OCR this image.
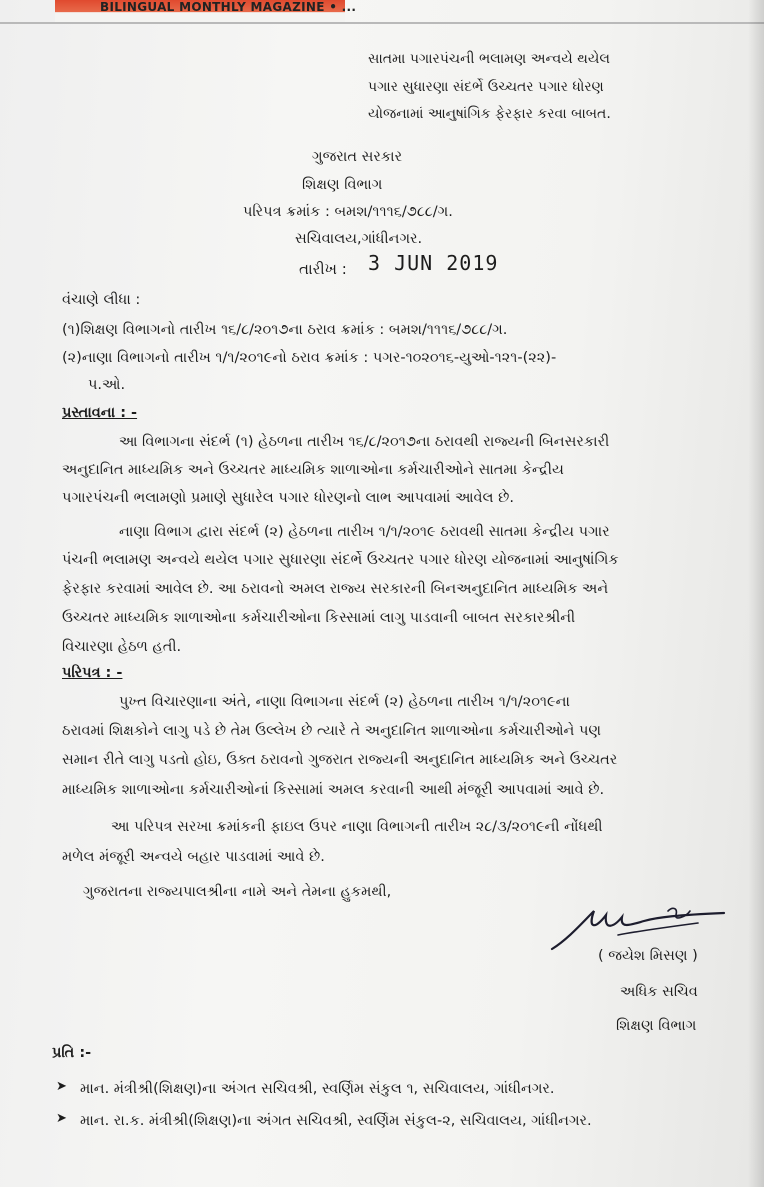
BILINGUAL MONTHLY MAGAZINE • ...
સાતમા પગારપંચની ભલામણ અન્વયે થયેલ
પગાર સુધારણા સંદર્ભે ઉચ્ચતર પગાર ધોરણ
યોજનામાં આનુષાંગિક ફેરફાર કરવા બાબત.
ગુજરાત સરકાર
શિક્ષણ વિભાગ
પરિપત્ર ક્રમાંક : બમશ/૧૧૧૬/૭૮૮/ગ.
સચિવાલય,ગાંધીનગર.
તારીખ : 3 JUN 2019
વંચાણે લીધા :
(૧)શિક્ષણ વિભાગનો તારીખ ૧૬/૮/૨૦૧૭ના ઠરાવ ક્રમાંક : બમશ/૧૧૧૬/૭૮૮/ગ.
(૨)નાણા વિભાગનો તારીખ ૧/૧/૨૦૧૯નો ઠરાવ ક્રમાંક : પગર-૧૦૨૦૧૬-યુઓ-૧૨૧-(૨૨)-
પ.ઓ.
પ્રસ્તાવના : -
આ વિભાગના સંદર્ભ (૧) હેઠળના તારીખ ૧૬/૮/૨૦૧૭ના ઠરાવથી રાજ્યની બિનસરકારી
અનુદાનિત માધ્યમિક અને ઉચ્ચતર માધ્યમિક શાળાઓના કર્મચારીઓને સાતમા કેન્દ્રીય
પગારપંચની ભલામણો પ્રમાણે સુધારેલ પગાર ધોરણનો લાભ આપવામાં આવેલ છે.
નાણા વિભાગ દ્વારા સંદર્ભ (૨) હેઠળના તારીખ ૧/૧/૨૦૧૯ ઠરાવથી સાતમા કેન્દ્રીય પગાર
પંચની ભલામણ અન્વયે થયેલ પગાર સુધારણા સંદર્ભે ઉચ્ચતર પગાર ધોરણ યોજનામાં આનુષાંગિક
ફેરફાર કરવામાં આવેલ છે. આ ઠરાવનો અમલ રાજ્ય સરકારની બિનઅનુદાનિત માધ્યમિક અને
ઉચ્ચતર માધ્યમિક શાળાઓના કર્મચારીઓના કિસ્સામાં લાગુ પાડવાની બાબત સરકારશ્રીની
વિચારણા હેઠળ હતી.
પરિપત્ર : -
પુખ્ત વિચારણાના અંતે, નાણા વિભાગના સંદર્ભ (૨) હેઠળના તારીખ ૧/૧/૨૦૧૯ના
ઠરાવમાં શિક્ષકોને લાગુ પડે છે તેમ ઉલ્લેખ છે ત્યારે તે અનુદાનિત શાળાઓના કર્મચારીઓને પણ
સમાન રીતે લાગુ પડતો હોઇ, ઉક્ત ઠરાવનો ગુજરાત રાજ્યની અનુદાનિત માધ્યમિક અને ઉચ્ચતર
માધ્યમિક શાળાઓના કર્મચારીઓનાં કિસ્સામાં અમલ કરવાની આથી મંજૂરી આપવામાં આવે છે.
આ પરિપત્ર સરખા ક્રમાંકની ફાઇલ ઉપર નાણા વિભાગની તારીખ ૨૮/૩/૨૦૧૯ની નોંધથી
મળેલ મંજૂરી અન્વયે બહાર પાડવામાં આવે છે.
ગુજરાતના રાજ્યપાલશ્રીના નામે અને તેમના હુકમથી,
( જયેશ મિસણ )
અધિક સચિવ
શિક્ષણ વિભાગ
પ્રતિ :-
➤ માન. મંત્રીશ્રી(શિક્ષણ)ના અંગત સચિવશ્રી, સ્વર્ણિમ સંકુલ ૧, સચિવાલય, ગાંધીનગર.
➤ માન. રા.ક. મંત્રીશ્રી(શિક્ષણ)ના અંગત સચિવશ્રી, સ્વર્ણિમ સંકુલ-૨, સચિવાલય, ગાંધીનગર.
